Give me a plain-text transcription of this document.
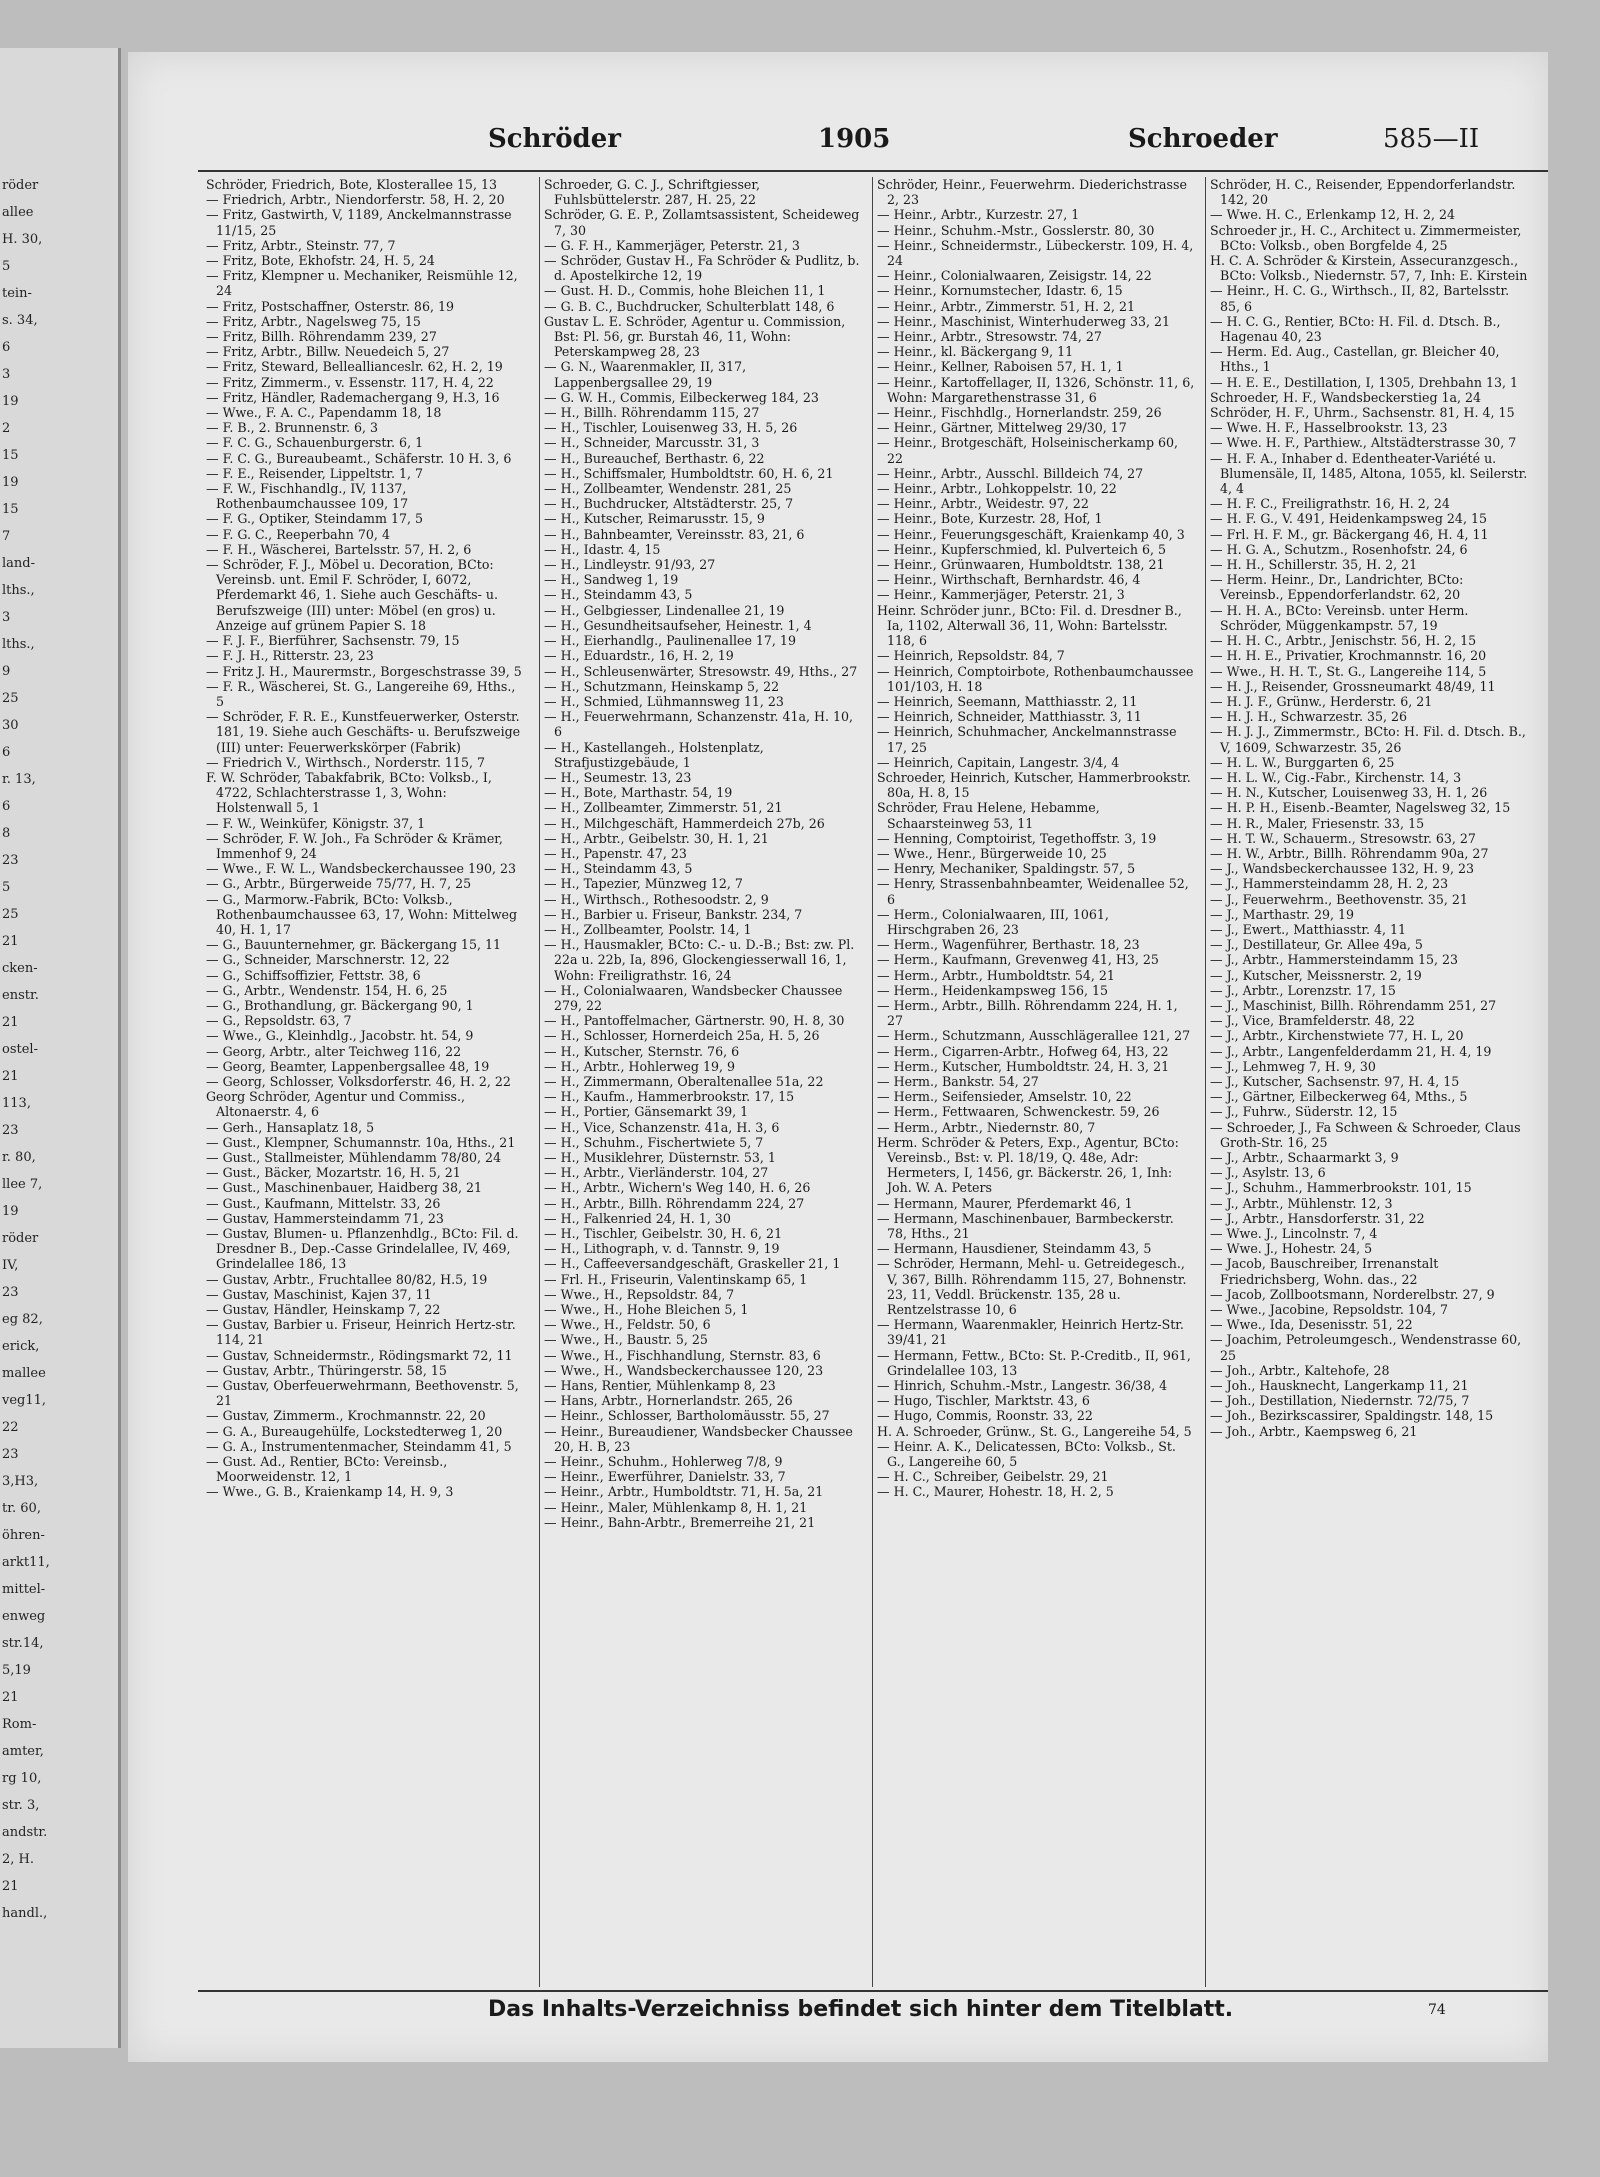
röder
allee
H. 30,
5
tein-
s. 34,
6
3
19
2
15
19
15
7
land-
lths.,
3
lths.,
9
25
30
6
r. 13,
6
8
23
5
25
21
cken-
enstr.
21
ostel-
21
113,
23
r. 80,
llee 7,
19
röder
IV,
23
eg 82,
erick,
mallee
veg11,
22
23
3,H3,
tr. 60,
öhren-
arkt11,
mittel-
enweg
str.14,
5,19
21
Rom-
amter,
rg 10,
str. 3,
andstr.
2, H.
21
handl.,
Schröder	1905	Schroeder	585—II

Schröder, Friedrich, Bote, Klosterallee 15, 13

— Friedrich, Arbtr., Niendorferstr. 58, H. 2, 20

— Fritz, Gastwirth, V, 1189, Anckelmannstrasse 11/15, 25

— Fritz, Arbtr., Steinstr. 77, 7

— Fritz, Bote, Ekhofstr. 24, H. 5, 24

— Fritz, Klempner u. Mechaniker, Reismühle 12, 24

— Fritz, Postschaffner, Osterstr. 86, 19

— Fritz, Arbtr., Nagelsweg 75, 15

— Fritz, Billh. Röhrendamm 239, 27

— Fritz, Arbtr., Billw. Neuedeich 5, 27

— Fritz, Steward, Belleallianceslr. 62, H. 2, 19

— Fritz, Zimmerm., v. Essenstr. 117, H. 4, 22

— Fritz, Händler, Rademachergang 9, H.3, 16

— Wwe., F. A. C., Papendamm 18, 18

— F. B., 2. Brunnenstr. 6, 3

— F. C. G., Schauenburgerstr. 6, 1

— F. C. G., Bureaubeamt., Schäferstr. 10 H. 3, 6

— F. E., Reisender, Lippeltstr. 1, 7

— F. W., Fischhandlg., IV, 1137, Rothenbaumchaussee 109, 17

— F. G., Optiker, Steindamm 17, 5

— F. G. C., Reeperbahn 70, 4

— F. H., Wäscherei, Bartelsstr. 57, H. 2, 6

— Schröder, F. J., Möbel u. Decoration, BCto: Vereinsb. unt. Emil F. Schröder, I, 6072, Pferdemarkt 46, 1. Siehe auch Geschäfts- u. Berufszweige (III) unter: Möbel (en gros) u. Anzeige auf grünem Papier S. 18

— F. J. F., Bierführer, Sachsenstr. 79, 15

— F. J. H., Ritterstr. 23, 23

— Fritz J. H., Maurermstr., Borgeschstrasse 39, 5

— F. R., Wäscherei, St. G., Langereihe 69, Hths., 5

— Schröder, F. R. E., Kunstfeuerwerker, Osterstr. 181, 19. Siehe auch Geschäfts- u. Berufszweige (III) unter: Feuerwerkskörper (Fabrik)

— Friedrich V., Wirthsch., Norderstr. 115, 7

F. W. Schröder, Tabakfabrik, BCto: Volksb., I, 4722, Schlachterstrasse 1, 3, Wohn: Holstenwall 5, 1

— F. W., Weinküfer, Königstr. 37, 1

— Schröder, F. W. Joh., Fa Schröder & Krämer, Immenhof 9, 24

— Wwe., F. W. L., Wandsbeckerchaussee 190, 23

— G., Arbtr., Bürgerweide 75/77, H. 7, 25

— G., Marmorw.-Fabrik, BCto: Volksb., Rothenbaumchaussee 63, 17, Wohn: Mittelweg 40, H. 1, 17

— G., Bauunternehmer, gr. Bäckergang 15, 11

— G., Schneider, Marschnerstr. 12, 22

— G., Schiffsoffizier, Fettstr. 38, 6

— G., Arbtr., Wendenstr. 154, H. 6, 25

— G., Brothandlung, gr. Bäckergang 90, 1

— G., Repsoldstr. 63, 7

— Wwe., G., Kleinhdlg., Jacobstr. ht. 54, 9

— Georg, Arbtr., alter Teichweg 116, 22

— Georg, Beamter, Lappenbergsallee 48, 19

— Georg, Schlosser, Volksdorferstr. 46, H. 2, 22

Georg Schröder, Agentur und Commiss., Altonaerstr. 4, 6

— Gerh., Hansaplatz 18, 5

— Gust., Klempner, Schumannstr. 10a, Hths., 21

— Gust., Stallmeister, Mühlendamm 78/80, 24

— Gust., Bäcker, Mozartstr. 16, H. 5, 21

— Gust., Maschinenbauer, Haidberg 38, 21

— Gust., Kaufmann, Mittelstr. 33, 26

— Gustav, Hammersteindamm 71, 23

— Gustav, Blumen- u. Pflanzenhdlg., BCto: Fil. d. Dresdner B., Dep.-Casse Grindelallee, IV, 469, Grindelallee 186, 13

— Gustav, Arbtr., Fruchtallee 80/82, H.5, 19

— Gustav, Maschinist, Kajen 37, 11

— Gustav, Händler, Heinskamp 7, 22

— Gustav, Barbier u. Friseur, Heinrich Hertz-str. 114, 21

— Gustav, Schneidermstr., Rödingsmarkt 72, 11

— Gustav, Arbtr., Thüringerstr. 58, 15

— Gustav, Oberfeuerwehrmann, Beethovenstr. 5, 21

— Gustav, Zimmerm., Krochmannstr. 22, 20

— G. A., Bureaugehülfe, Lockstedterweg 1, 20

— G. A., Instrumentenmacher, Steindamm 41, 5

— Gust. Ad., Rentier, BCto: Vereinsb., Moorweidenstr. 12, 1

— Wwe., G. B., Kraienkamp 14, H. 9, 3

Schroeder, G. C. J., Schriftgiesser, Fuhlsbüttelerstr. 287, H. 25, 22

Schröder, G. E. P., Zollamtsassistent, Scheideweg 7, 30

— G. F. H., Kammerjäger, Peterstr. 21, 3

— Schröder, Gustav H., Fa Schröder & Pudlitz, b. d. Apostelkirche 12, 19

— Gust. H. D., Commis, hohe Bleichen 11, 1

— G. B. C., Buchdrucker, Schulterblatt 148, 6

Gustav L. E. Schröder, Agentur u. Commission, Bst: Pl. 56, gr. Burstah 46, 11, Wohn: Peterskampweg 28, 23

— G. N., Waarenmakler, II, 317, Lappenbergsallee 29, 19

— G. W. H., Commis, Eilbeckerweg 184, 23

— H., Billh. Röhrendamm 115, 27

— H., Tischler, Louisenweg 33, H. 5, 26

— H., Schneider, Marcusstr. 31, 3

— H., Bureauchef, Berthastr. 6, 22

— H., Schiffsmaler, Humboldtstr. 60, H. 6, 21

— H., Zollbeamter, Wendenstr. 281, 25

— H., Buchdrucker, Altstädterstr. 25, 7

— H., Kutscher, Reimarusstr. 15, 9

— H., Bahnbeamter, Vereinsstr. 83, 21, 6

— H., Idastr. 4, 15

— H., Lindleystr. 91/93, 27

— H., Sandweg 1, 19

— H., Steindamm 43, 5

— H., Gelbgiesser, Lindenallee 21, 19

— H., Gesundheitsaufseher, Heinestr. 1, 4

— H., Eierhandlg., Paulinenallee 17, 19

— H., Eduardstr., 16, H. 2, 19

— H., Schleusenwärter, Stresowstr. 49, Hths., 27

— H., Schutzmann, Heinskamp 5, 22

— H., Schmied, Lühmannsweg 11, 23

— H., Feuerwehrmann, Schanzenstr. 41a, H. 10, 6

— H., Kastellangeh., Holstenplatz, Strafjustizgebäude, 1

— H., Seumestr. 13, 23

— H., Bote, Marthastr. 54, 19

— H., Zollbeamter, Zimmerstr. 51, 21

— H., Milchgeschäft, Hammerdeich 27b, 26

— H., Arbtr., Geibelstr. 30, H. 1, 21

— H., Papenstr. 47, 23

— H., Steindamm 43, 5

— H., Tapezier, Münzweg 12, 7

— H., Wirthsch., Rothesoodstr. 2, 9

— H., Barbier u. Friseur, Bankstr. 234, 7

— H., Zollbeamter, Poolstr. 14, 1

— H., Hausmakler, BCto: C.- u. D.-B.; Bst: zw. Pl. 22a u. 22b, Ia, 896, Glockengiesserwall 16, 1, Wohn: Freiligrathstr. 16, 24

— H., Colonialwaaren, Wandsbecker Chaussee 279, 22

— H., Pantoffelmacher, Gärtnerstr. 90, H. 8, 30

— H., Schlosser, Hornerdeich 25a, H. 5, 26

— H., Kutscher, Sternstr. 76, 6

— H., Arbtr., Hohlerweg 19, 9

— H., Zimmermann, Oberaltenallee 51a, 22

— H., Kaufm., Hammerbrookstr. 17, 15

— H., Portier, Gänsemarkt 39, 1

— H., Vice, Schanzenstr. 41a, H. 3, 6

— H., Schuhm., Fischertwiete 5, 7

— H., Musiklehrer, Düsternstr. 53, 1

— H., Arbtr., Vierländerstr. 104, 27

— H., Arbtr., Wichern's Weg 140, H. 6, 26

— H., Arbtr., Billh. Röhrendamm 224, 27

— H., Falkenried 24, H. 1, 30

— H., Tischler, Geibelstr. 30, H. 6, 21

— H., Lithograph, v. d. Tannstr. 9, 19

— H., Caffeeversandgeschäft, Graskeller 21, 1

— Frl. H., Friseurin, Valentinskamp 65, 1

— Wwe., H., Repsoldstr. 84, 7

— Wwe., H., Hohe Bleichen 5, 1

— Wwe., H., Feldstr. 50, 6

— Wwe., H., Baustr. 5, 25

— Wwe., H., Fischhandlung, Sternstr. 83, 6

— Wwe., H., Wandsbeckerchaussee 120, 23

— Hans, Rentier, Mühlenkamp 8, 23

— Hans, Arbtr., Hornerlandstr. 265, 26

— Heinr., Schlosser, Bartholomäusstr. 55, 27

— Heinr., Bureaudiener, Wandsbecker Chaussee 20, H. B, 23

— Heinr., Schuhm., Hohlerweg 7/8, 9

— Heinr., Ewerführer, Danielstr. 33, 7

— Heinr., Arbtr., Humboldtstr. 71, H. 5a, 21

— Heinr., Maler, Mühlenkamp 8, H. 1, 21

— Heinr., Bahn-Arbtr., Bremerreihe 21, 21

Schröder, Heinr., Feuerwehrm. Diederichstrasse 2, 23

— Heinr., Arbtr., Kurzestr. 27, 1

— Heinr., Schuhm.-Mstr., Gosslerstr. 80, 30

— Heinr., Schneidermstr., Lübeckerstr. 109, H. 4, 24

— Heinr., Colonialwaaren, Zeisigstr. 14, 22

— Heinr., Kornumstecher, Idastr. 6, 15

— Heinr., Arbtr., Zimmerstr. 51, H. 2, 21

— Heinr., Maschinist, Winterhuderweg 33, 21

— Heinr., Arbtr., Stresowstr. 74, 27

— Heinr., kl. Bäckergang 9, 11

— Heinr., Kellner, Raboisen 57, H. 1, 1

— Heinr., Kartoffellager, II, 1326, Schönstr. 11, 6, Wohn: Margarethenstrasse 31, 6

— Heinr., Fischhdlg., Hornerlandstr. 259, 26

— Heinr., Gärtner, Mittelweg 29/30, 17

— Heinr., Brotgeschäft, Holseinischerkamp 60, 22

— Heinr., Arbtr., Ausschl. Billdeich 74, 27

— Heinr., Arbtr., Lohkoppelstr. 10, 22

— Heinr., Arbtr., Weidestr. 97, 22

— Heinr., Bote, Kurzestr. 28, Hof, 1

— Heinr., Feuerungsgeschäft, Kraienkamp 40, 3

— Heinr., Kupferschmied, kl. Pulverteich 6, 5

— Heinr., Grünwaaren, Humboldtstr. 138, 21

— Heinr., Wirthschaft, Bernhardstr. 46, 4

— Heinr., Kammerjäger, Peterstr. 21, 3

Heinr. Schröder junr., BCto: Fil. d. Dresdner B., Ia, 1102, Alterwall 36, 11, Wohn: Bartelsstr. 118, 6

— Heinrich, Repsoldstr. 84, 7

— Heinrich, Comptoirbote, Rothenbaumchaussee 101/103, H. 18

— Heinrich, Seemann, Matthiasstr. 2, 11

— Heinrich, Schneider, Matthiasstr. 3, 11

— Heinrich, Schuhmacher, Anckelmannstrasse 17, 25

— Heinrich, Capitain, Langestr. 3/4, 4

Schroeder, Heinrich, Kutscher, Hammerbrookstr. 80a, H. 8, 15

Schröder, Frau Helene, Hebamme, Schaarsteinweg 53, 11

— Henning, Comptoirist, Tegethoffstr. 3, 19

— Wwe., Henr., Bürgerweide 10, 25

— Henry, Mechaniker, Spaldingstr. 57, 5

— Henry, Strassenbahnbeamter, Weidenallee 52, 6

— Herm., Colonialwaaren, III, 1061, Hirschgraben 26, 23

— Herm., Wagenführer, Berthastr. 18, 23

— Herm., Kaufmann, Grevenweg 41, H3, 25

— Herm., Arbtr., Humboldtstr. 54, 21

— Herm., Heidenkampsweg 156, 15

— Herm., Arbtr., Billh. Röhrendamm 224, H. 1, 27

— Herm., Schutzmann, Ausschlägerallee 121, 27

— Herm., Cigarren-Arbtr., Hofweg 64, H3, 22

— Herm., Kutscher, Humboldtstr. 24, H. 3, 21

— Herm., Bankstr. 54, 27

— Herm., Seifensieder, Amselstr. 10, 22

— Herm., Fettwaaren, Schwenckestr. 59, 26

— Herm., Arbtr., Niedernstr. 80, 7

Herm. Schröder & Peters, Exp., Agentur, BCto: Vereinsb., Bst: v. Pl. 18/19, Q. 48e, Adr: Hermeters, I, 1456, gr. Bäckerstr. 26, 1, Inh: Joh. W. A. Peters

— Hermann, Maurer, Pferdemarkt 46, 1

— Hermann, Maschinenbauer, Barmbeckerstr. 78, Hths., 21

— Hermann, Hausdiener, Steindamm 43, 5

— Schröder, Hermann, Mehl- u. Getreidegesch., V, 367, Billh. Röhrendamm 115, 27, Bohnenstr. 23, 11, Veddl. Brückenstr. 135, 28 u. Rentzelstrasse 10, 6

— Hermann, Waarenmakler, Heinrich Hertz-Str. 39/41, 21

— Hermann, Fettw., BCto: St. P.-Creditb., II, 961, Grindelallee 103, 13

— Hinrich, Schuhm.-Mstr., Langestr. 36/38, 4

— Hugo, Tischler, Marktstr. 43, 6

— Hugo, Commis, Roonstr. 33, 22

H. A. Schroeder, Grünw., St. G., Langereihe 54, 5

— Heinr. A. K., Delicatessen, BCto: Volksb., St. G., Langereihe 60, 5

— H. C., Schreiber, Geibelstr. 29, 21

— H. C., Maurer, Hohestr. 18, H. 2, 5

Schröder, H. C., Reisender, Eppendorferlandstr. 142, 20

— Wwe. H. C., Erlenkamp 12, H. 2, 24

Schroeder jr., H. C., Architect u. Zimmermeister, BCto: Volksb., oben Borgfelde 4, 25

H. C. A. Schröder & Kirstein, Assecuranzgesch., BCto: Volksb., Niedernstr. 57, 7, Inh: E. Kirstein

— Heinr., H. C. G., Wirthsch., II, 82, Bartelsstr. 85, 6

— H. C. G., Rentier, BCto: H. Fil. d. Dtsch. B., Hagenau 40, 23

— Herm. Ed. Aug., Castellan, gr. Bleicher 40, Hths., 1

— H. E. E., Destillation, I, 1305, Drehbahn 13, 1

Schroeder, H. F., Wandsbeckerstieg 1a, 24

Schröder, H. F., Uhrm., Sachsenstr. 81, H. 4, 15

— Wwe. H. F., Hasselbrookstr. 13, 23

— Wwe. H. F., Parthiew., Altstädterstrasse 30, 7

— H. F. A., Inhaber d. Edentheater-Variété u. Blumensäle, II, 1485, Altona, 1055, kl. Seilerstr. 4, 4

— H. F. C., Freiligrathstr. 16, H. 2, 24

— H. F. G., V. 491, Heidenkampsweg 24, 15

— Frl. H. F. M., gr. Bäckergang 46, H. 4, 11

— H. G. A., Schutzm., Rosenhofstr. 24, 6

— H. H., Schillerstr. 35, H. 2, 21

— Herm. Heinr., Dr., Landrichter, BCto: Vereinsb., Eppendorferlandstr. 62, 20

— H. H. A., BCto: Vereinsb. unter Herm. Schröder, Müggenkampstr. 57, 19

— H. H. C., Arbtr., Jenischstr. 56, H. 2, 15

— H. H. E., Privatier, Krochmannstr. 16, 20

— Wwe., H. H. T., St. G., Langereihe 114, 5

— H. J., Reisender, Grossneumarkt 48/49, 11

— H. J. F., Grünw., Herderstr. 6, 21

— H. J. H., Schwarzestr. 35, 26

— H. J. J., Zimmermstr., BCto: H. Fil. d. Dtsch. B., V, 1609, Schwarzestr. 35, 26

— H. L. W., Burggarten 6, 25

— H. L. W., Cig.-Fabr., Kirchenstr. 14, 3

— H. N., Kutscher, Louisenweg 33, H. 1, 26

— H. P. H., Eisenb.-Beamter, Nagelsweg 32, 15

— H. R., Maler, Friesenstr. 33, 15

— H. T. W., Schauerm., Stresowstr. 63, 27

— H. W., Arbtr., Billh. Röhrendamm 90a, 27

— J., Wandsbeckerchaussee 132, H. 9, 23

— J., Hammersteindamm 28, H. 2, 23

— J., Feuerwehrm., Beethovenstr. 35, 21

— J., Marthastr. 29, 19

— J., Ewert., Matthiasstr. 4, 11

— J., Destillateur, Gr. Allee 49a, 5

— J., Arbtr., Hammersteindamm 15, 23

— J., Kutscher, Meissnerstr. 2, 19

— J., Arbtr., Lorenzstr. 17, 15

— J., Maschinist, Billh. Röhrendamm 251, 27

— J., Vice, Bramfelderstr. 48, 22

— J., Arbtr., Kirchenstwiete 77, H. L, 20

— J., Arbtr., Langenfelderdamm 21, H. 4, 19

— J., Lehmweg 7, H. 9, 30

— J., Kutscher, Sachsenstr. 97, H. 4, 15

— J., Gärtner, Eilbeckerweg 64, Mths., 5

— J., Fuhrw., Süderstr. 12, 15

— Schroeder, J., Fa Schween & Schroeder, Claus Groth-Str. 16, 25

— J., Arbtr., Schaarmarkt 3, 9

— J., Asylstr. 13, 6

— J., Schuhm., Hammerbrookstr. 101, 15

— J., Arbtr., Mühlenstr. 12, 3

— J., Arbtr., Hansdorferstr. 31, 22

— Wwe. J., Lincolnstr. 7, 4

— Wwe. J., Hohestr. 24, 5

— Jacob, Bauschreiber, Irrenanstalt Friedrichsberg, Wohn. das., 22

— Jacob, Zollbootsmann, Norderelbstr. 27, 9

— Wwe., Jacobine, Repsoldstr. 104, 7

— Wwe., Ida, Desenisstr. 51, 22

— Joachim, Petroleumgesch., Wendenstrasse 60, 25

— Joh., Arbtr., Kaltehofe, 28

— Joh., Hausknecht, Langerkamp 11, 21

— Joh., Destillation, Niedernstr. 72/75, 7

— Joh., Bezirkscassirer, Spaldingstr. 148, 15

— Joh., Arbtr., Kaempsweg 6, 21

Das Inhalts-Verzeichniss befindet sich hinter dem Titelblatt.	74
